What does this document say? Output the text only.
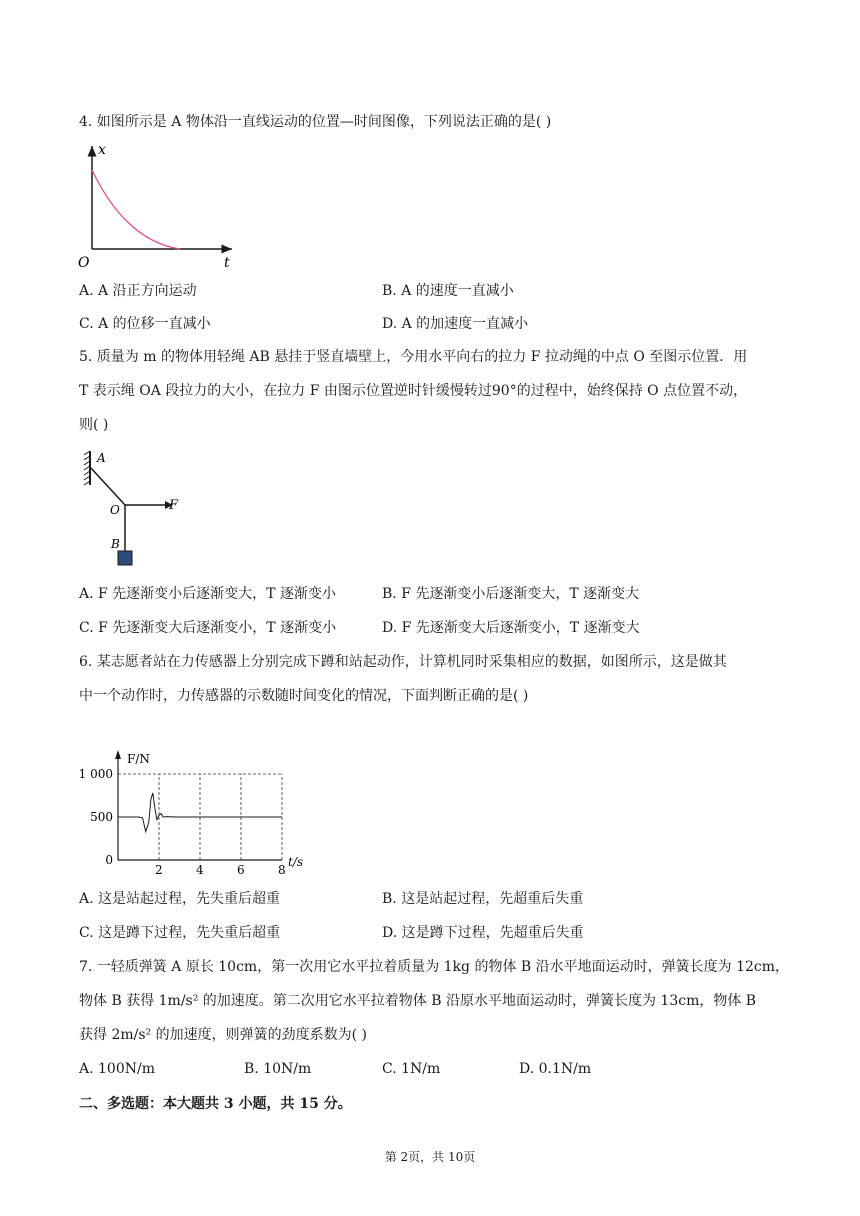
4. 如图所示是 A 物体沿一直线运动的位置—时间图像，下列说法正确的是( )
x
t
O
A. A 沿正方向运动	B. A 的速度一直减小
C. A 的位移一直减小	D. A 的加速度一直减小
5. 质量为 m 的物体用轻绳 AB 悬挂于竖直墙壁上，今用水平向右的拉力 F 拉动绳的中点 O 至图示位置．用
T 表示绳 OA 段拉力的大小，在拉力 F 由图示位置逆时针缓慢转过90°的过程中，始终保持 O 点位置不动，
则( )
A
O	F
B
A. F 先逐渐变小后逐渐变大，T 逐渐变小	B. F 先逐渐变小后逐渐变大，T 逐渐变大
C. F 先逐渐变大后逐渐变小，T 逐渐变小	D. F 先逐渐变大后逐渐变小，T 逐渐变大
6. 某志愿者站在力传感器上分别完成下蹲和站起动作，计算机同时采集相应的数据，如图所示，这是做其
中一个动作时，力传感器的示数随时间变化的情况，下面判断正确的是( )
2	4	6	8
0
500
1 000
F/N
t/s
A. 这是站起过程，先失重后超重	B. 这是站起过程，先超重后失重
C. 这是蹲下过程，先失重后超重	D. 这是蹲下过程，先超重后失重
7. 一轻质弹簧 A 原长 10cm，第一次用它水平拉着质量为 1kg 的物体 B 沿水平地面运动时，弹簧长度为 12cm，
物体 B 获得 1m/s² 的加速度。第二次用它水平拉着物体 B 沿原水平地面运动时，弹簧长度为 13cm，物体 B
获得 2m/s² 的加速度，则弹簧的劲度系数为( )
A. 100N/m	B. 10N/m	C. 1N/m	D. 0.1N/m
二、多选题：本大题共 3 小题，共 15 分。
第 2页，共 10页
